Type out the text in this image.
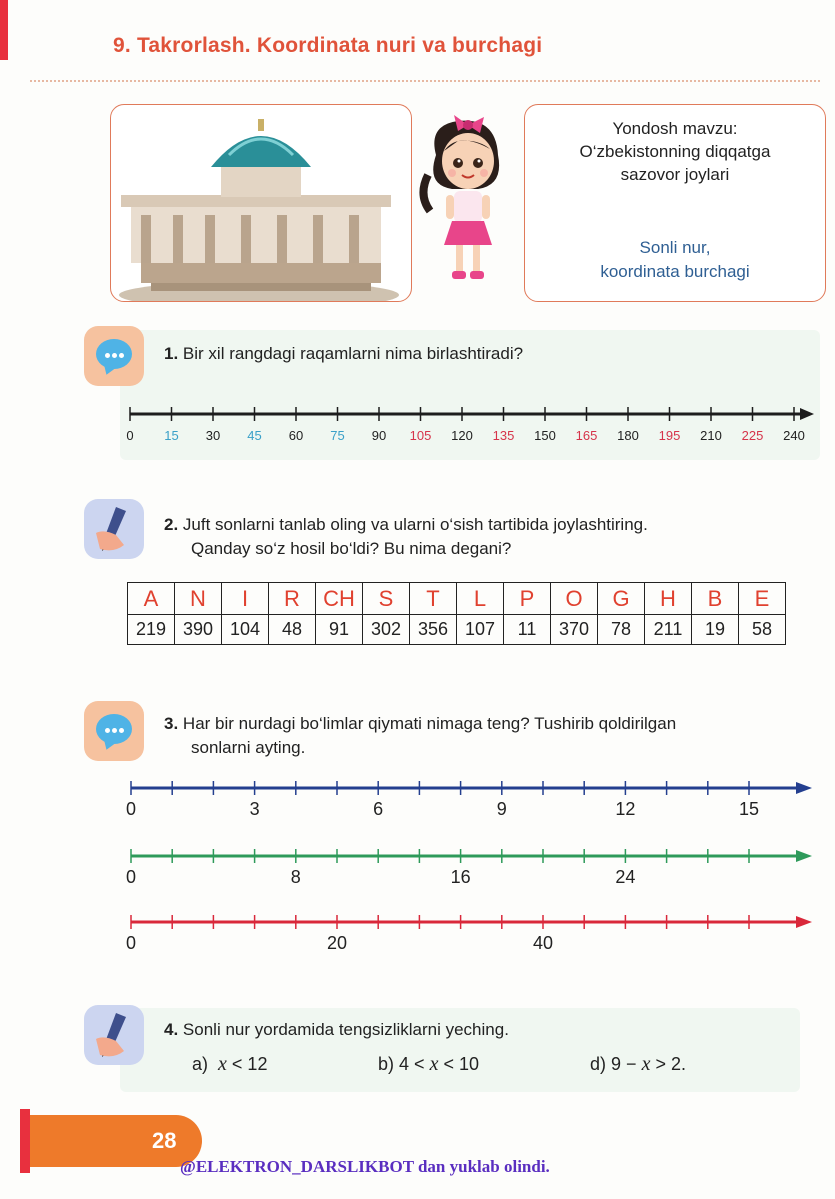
9. Takrorlash. Koordinata nuri va burchagi
Yondosh mavzu:
O‘zbekistonning diqqatga
sazovor joylari
Sonli nur,
koordinata burchagi
1. Bir xil rangdagi raqamlarni nima birlashtiradi?
0 15 30 45 60 75 90 105 120 135 150 165 180 195 210 225 240
2. Juft sonlarni tanlab oling va ularni o‘sish tartibida joylashtiring.
Qanday so‘z hosil bo‘ldi? Bu nima degani?
A	N	I	R	CH	S	T	L	P	O	G	H	B	E
219	390	104	48	91	302	356	107	11	370	78	211	19	58
3. Har bir nurdagi bo‘limlar qiymati nimaga teng? Tushirib qoldirilgan
sonlarni ayting.
0	3	6	9	12	15
0	8	16	24
0	20	40
4. Sonli nur yordamida tengsizliklarni yeching.
a) x < 12	b) 4 < x < 10	d) 9 − x > 2.
28
@ELEKTRON_DARSLIKBOT dan yuklab olindi.
